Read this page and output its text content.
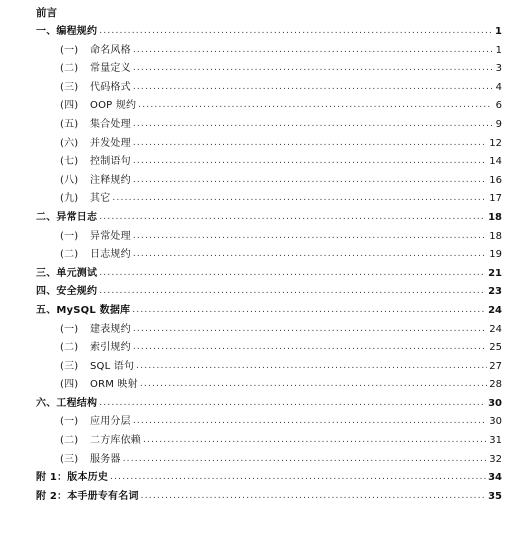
前言
一、编程规约 .....	1
(一) 命名风格 .....	1
(二) 常量定义 .....	3
(三) 代码格式 .....	4
(四) OOP 规约 .....	6
(五) 集合处理 .....	9
(六) 并发处理 .....	12
(七) 控制语句 .....	14
(八) 注释规约 .....	16
(九) 其它 .....	17
二、异常日志 .....	18
(一) 异常处理 .....	18
(二) 日志规约 .....	19
三、单元测试 .....	21
四、安全规约 .....	23
五、MySQL 数据库 .....	24
(一) 建表规约 .....	24
(二) 索引规约 .....	25
(三) SQL 语句 .....	27
(四) ORM 映射 .....	28
六、工程结构 .....	30
(一) 应用分层 .....	30
(二) 二方库依赖 .....	31
(三) 服务器 .....	32
附 1：版本历史 .....	34
附 2：本手册专有名词 .....	35
